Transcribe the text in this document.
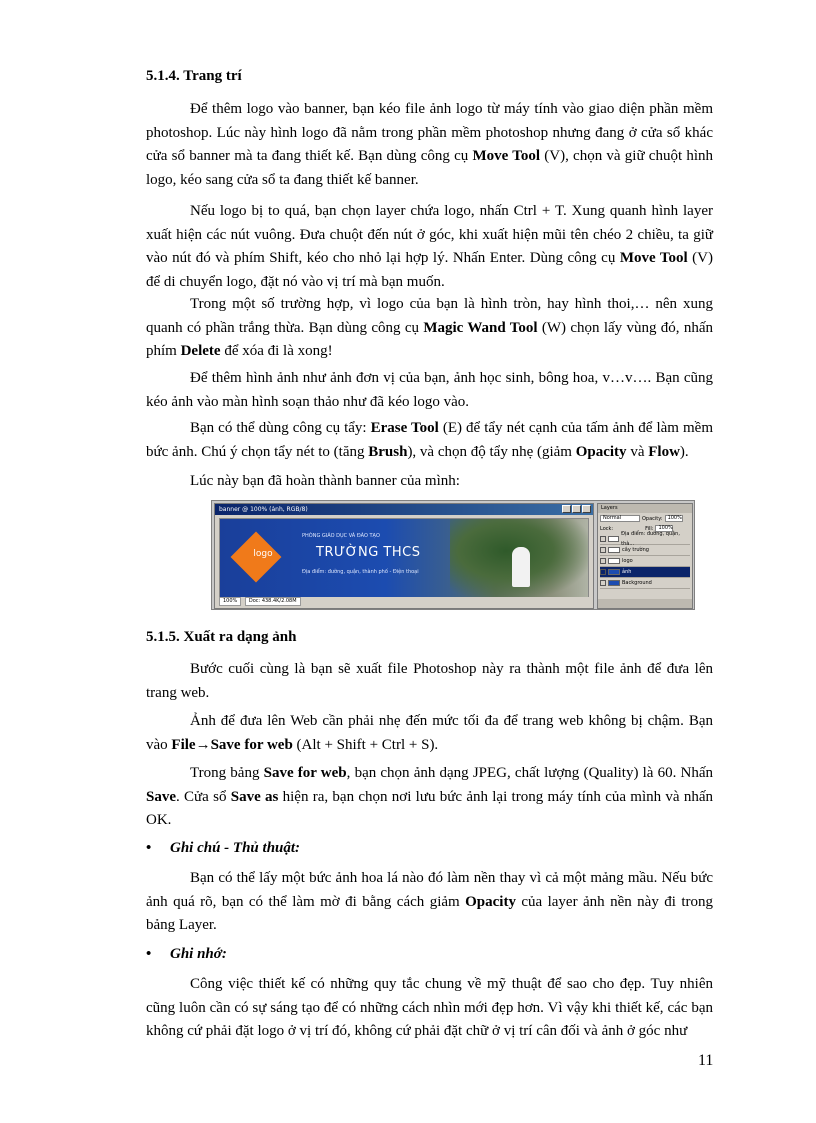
5.1.4. Trang trí

Để thêm logo vào banner, bạn kéo file ảnh logo từ máy tính vào giao diện phần mềm photoshop. Lúc này hình logo đã nằm trong phần mềm photoshop nhưng đang ở cửa sổ khác cửa sổ banner mà ta đang thiết kế. Bạn dùng công cụ Move Tool (V), chọn và giữ chuột hình logo, kéo sang cửa sổ ta đang thiết kế banner.

Nếu logo bị to quá, bạn chọn layer chứa logo, nhấn Ctrl + T. Xung quanh hình layer xuất hiện các nút vuông. Đưa chuột đến nút ở góc, khi xuất hiện mũi tên chéo 2 chiều, ta giữ vào nút đó và phím Shift, kéo cho nhỏ lại hợp lý. Nhấn Enter. Dùng công cụ Move Tool (V) để di chuyển logo, đặt nó vào vị trí mà bạn muốn.

Trong một số trường hợp, vì logo của bạn là hình tròn, hay hình thoi,… nên xung quanh có phần trắng thừa. Bạn dùng công cụ Magic Wand Tool (W) chọn lấy vùng đó, nhấn phím Delete để xóa đi là xong!

Để thêm hình ảnh như ảnh đơn vị của bạn, ảnh học sinh, bông hoa, v…v…. Bạn cũng kéo ảnh vào màn hình soạn thảo như đã kéo logo vào.

Bạn có thể dùng công cụ tẩy: Erase Tool (E) để tẩy nét cạnh của tấm ảnh để làm mềm bức ảnh. Chú ý chọn tẩy nét to (tăng Brush), và chọn độ tẩy nhẹ (giảm Opacity và Flow).

Lúc này bạn đã hoàn thành banner của mình:

banner @ 100% (ảnh, RGB/8)
logo
PHÒNG GIÁO DỤC VÀ ĐÀO TẠO
TRƯỜNG THCS
Địa điểm: đường, quận, thành phố - Điện thoại
100% Doc: 438.4K/2.08M
Layers
Normal	Opacity:	100%
Lock:	Fill:	100%
Địa điểm: đường, quận, thà...
cây trường
logo
ảnh
Background

5.1.5. Xuất ra dạng ảnh

Bước cuối cùng là bạn sẽ xuất file Photoshop này ra thành một file ảnh để đưa lên trang web.

Ảnh để đưa lên Web cần phải nhẹ đến mức tối đa để trang web không bị chậm. Bạn vào File→Save for web (Alt + Shift + Ctrl + S).

Trong bảng Save for web, bạn chọn ảnh dạng JPEG, chất lượng (Quality) là 60. Nhấn Save. Cửa sổ Save as hiện ra, bạn chọn nơi lưu bức ảnh lại trong máy tính của mình và nhấn OK.

• Ghi chú - Thủ thuật:

Bạn có thể lấy một bức ảnh hoa lá nào đó làm nền thay vì cả một mảng mầu. Nếu bức ảnh quá rõ, bạn có thể làm mờ đi bằng cách giảm Opacity của layer ảnh nền này đi trong bảng Layer.

• Ghi nhớ:

Công việc thiết kế có những quy tắc chung về mỹ thuật để sao cho đẹp. Tuy nhiên cũng luôn cần có sự sáng tạo để có những cách nhìn mới đẹp hơn. Vì vậy khi thiết kế, các bạn không cứ phải đặt logo ở vị trí đó, không cứ phải đặt chữ ở vị trí cân đối và ảnh ở góc như

11
